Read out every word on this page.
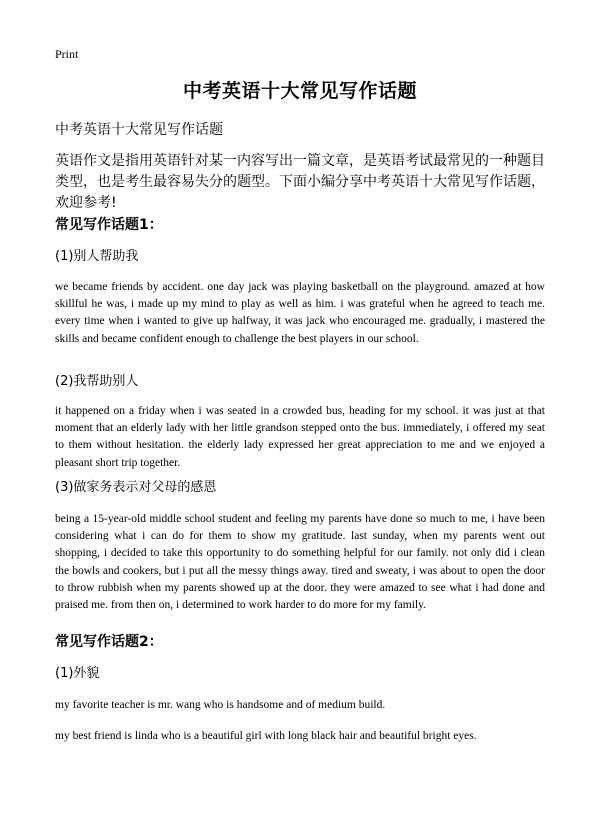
Print
中考英语十大常见写作话题
中考英语十大常见写作话题
英语作文是指用英语针对某一内容写出一篇文章，是英语考试最常见的一种题目类型，也是考生最容易失分的题型。下面小编分享中考英语十大常见写作话题，欢迎参考!
常见写作话题1：
(1)别人帮助我
we became friends by accident. one day jack was playing basketball on the playground. amazed at how skillful he was, i made up my mind to play as well as him. i was grateful when he agreed to teach me. every time when i wanted to give up halfway, it was jack who encouraged me. gradually, i mastered the skills and became confident enough to challenge the best players in our school.
(2)我帮助别人
it happened on a friday when i was seated in a crowded bus, heading for my school. it was just at that moment that an elderly lady with her little grandson stepped onto the bus. immediately, i offered my seat to them without hesitation. the elderly lady expressed her great appreciation to me and we enjoyed a pleasant short trip together.
(3)做家务表示对父母的感恩
being a 15-year-old middle school student and feeling my parents have done so much to me, i have been considering what i can do for them to show my gratitude. last sunday, when my parents went out shopping, i decided to take this opportunity to do something helpful for our family. not only did i clean the bowls and cookers, but i put all the messy things away. tired and sweaty, i was about to open the door to throw rubbish when my parents showed up at the door. they were amazed to see what i had done and praised me. from then on, i determined to work harder to do more for my family.
常见写作话题2：
(1)外貌
my favorite teacher is mr. wang who is handsome and of medium build.
my best friend is linda who is a beautiful girl with long black hair and beautiful bright eyes.
